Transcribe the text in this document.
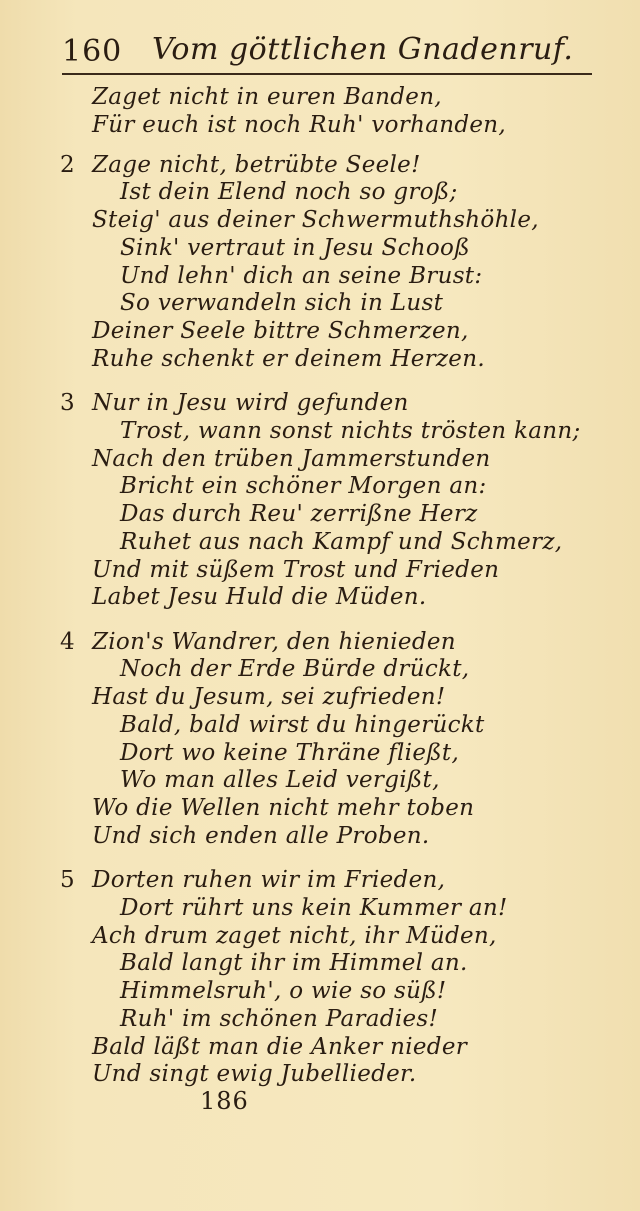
160 Vom göttlichen Gnadenruf.
Zaget nicht in euren Banden,
Für euch ist noch Ruh' vorhanden,
2 Zage nicht, betrübte Seele!
Ist dein Elend noch so groß;
Steig' aus deiner Schwermuthshöhle,
Sink' vertraut in Jesu Schooß
Und lehn' dich an seine Brust:
So verwandeln sich in Lust
Deiner Seele bittre Schmerzen,
Ruhe schenkt er deinem Herzen.
3 Nur in Jesu wird gefunden
Trost, wann sonst nichts trösten kann;
Nach den trüben Jammerstunden
Bricht ein schöner Morgen an:
Das durch Reu' zerrißne Herz
Ruhet aus nach Kampf und Schmerz,
Und mit süßem Trost und Frieden
Labet Jesu Huld die Müden.
4 Zion's Wandrer, den hienieden
Noch der Erde Bürde drückt,
Hast du Jesum, sei zufrieden!
Bald, bald wirst du hingerückt
Dort wo keine Thräne fließt,
Wo man alles Leid vergißt,
Wo die Wellen nicht mehr toben
Und sich enden alle Proben.
5 Dorten ruhen wir im Frieden,
Dort rührt uns kein Kummer an!
Ach drum zaget nicht, ihr Müden,
Bald langt ihr im Himmel an.
Himmelsruh', o wie so süß!
Ruh' im schönen Paradies!
Bald läßt man die Anker nieder
Und singt ewig Jubellieder.
186
